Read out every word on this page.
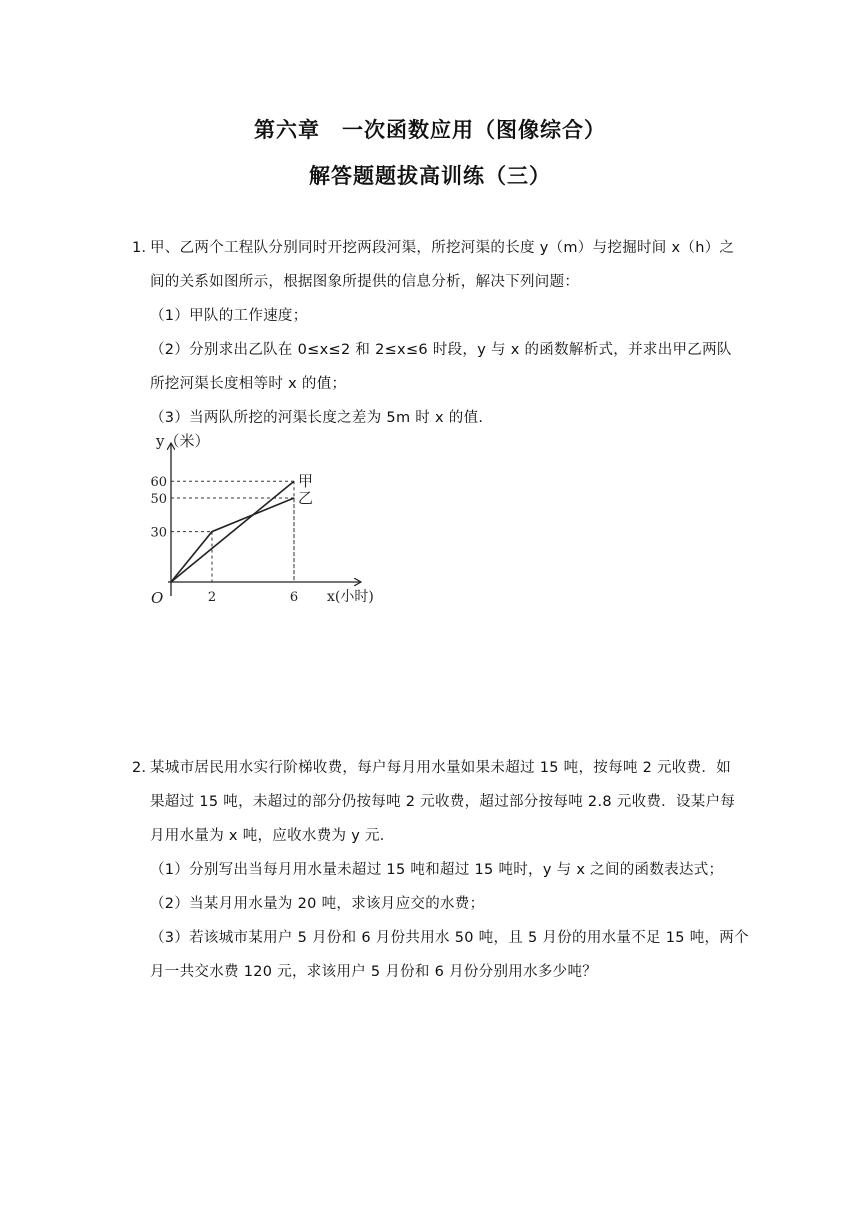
第六章　一次函数应用（图像综合）
解答题题拔高训练（三）
1．
甲、乙两个工程队分别同时开挖两段河渠，所挖河渠的长度 y（m）与挖掘时间 x（h）之
间的关系如图所示，根据图象所提供的信息分析，解决下列问题：
（1）甲队的工作速度；
（2）分别求出乙队在 0≤x≤2 和 2≤x≤6 时段，y 与 x 的函数解析式，并求出甲乙两队
所挖河渠长度相等时 x 的值；
（3）当两队所挖的河渠长度之差为 5m 时 x 的值.
甲
乙
2	6
30
50
60
y（米）
x(小时)
O
2．
某城市居民用水实行阶梯收费，每户每月用水量如果未超过 15 吨，按每吨 2 元收费．如
果超过 15 吨，未超过的部分仍按每吨 2 元收费，超过部分按每吨 2.8 元收费．设某户每
月用水量为 x 吨，应收水费为 y 元．
（1）分别写出当每月用水量未超过 15 吨和超过 15 吨时，y 与 x 之间的函数表达式；
（2）当某月用水量为 20 吨，求该月应交的水费；
（3）若该城市某用户 5 月份和 6 月份共用水 50 吨，且 5 月份的用水量不足 15 吨，两个
月一共交水费 120 元，求该用户 5 月份和 6 月份分别用水多少吨？
